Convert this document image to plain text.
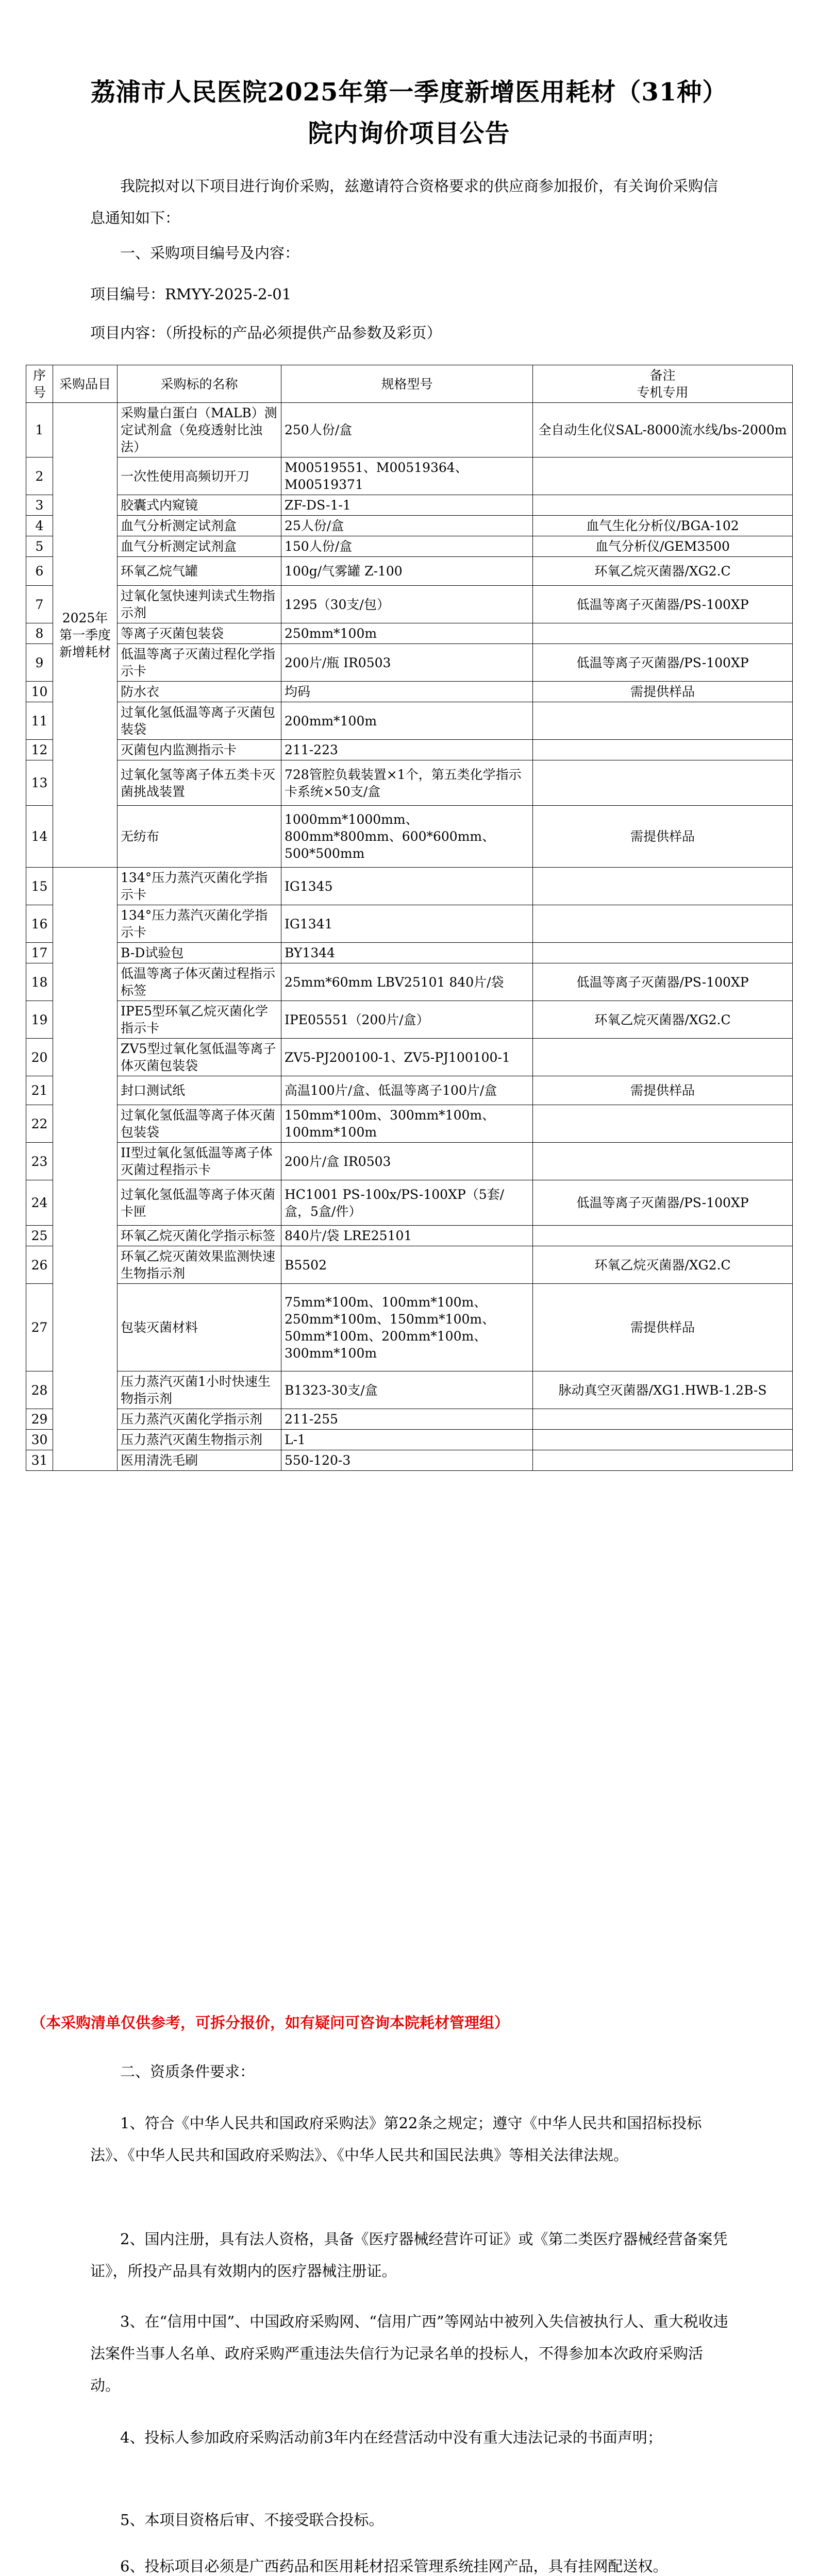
荔浦市人民医院2025年第一季度新增医用耗材（31种）
院内询价项目公告

我院拟对以下项目进行询价采购，兹邀请符合资格要求的供应商参加报价，有关询价采购信息通知如下：

一、采购项目编号及内容：

项目编号：RMYY-2025-2-01

项目内容：（所投标的产品必须提供产品参数及彩页）

序号	采购品目	采购标的名称	规格型号	备注
专机专用
1	2025年第一季度新增耗材	采购量白蛋白（MALB）测定试剂盒（免疫透射比浊法）	250人份/盒	全自动生化仪SAL-8000流水线/bs-2000m
2		一次性使用高频切开刀	M00519551、M00519364、M00519371	
3		胶囊式内窥镜	ZF-DS-1-1	
4		血气分析测定试剂盒	25人份/盒	血气生化分析仪/BGA-102
5		血气分析测定试剂盒	150人份/盒	血气分析仪/GEM3500
6		环氧乙烷气罐	100g/气雾罐 Z-100	环氧乙烷灭菌器/XG2.C
7		过氧化氢快速判读式生物指示剂	1295（30支/包）	低温等离子灭菌器/PS-100XP
8		等离子灭菌包装袋	250mm*100m	
9		低温等离子灭菌过程化学指示卡	200片/瓶 IR0503	低温等离子灭菌器/PS-100XP
10		防水衣	均码	需提供样品
11		过氧化氢低温等离子灭菌包装袋	200mm*100m	
12		灭菌包内监测指示卡	211-223	
13		过氧化氢等离子体五类卡灭菌挑战装置	728管腔负载装置×1个，第五类化学指示卡系统×50支/盒	
14		无纺布	1000mm*1000mm、800mm*800mm、600*600mm、500*500mm	需提供样品
15		134°压力蒸汽灭菌化学指示卡	IG1345	
16		134°压力蒸汽灭菌化学指示卡	IG1341	
17		B-D试验包	BY1344	
18		低温等离子体灭菌过程指示标签	25mm*60mm LBV25101 840片/袋	低温等离子灭菌器/PS-100XP
19		IPE5型环氧乙烷灭菌化学指示卡	IPE05551（200片/盒）	环氧乙烷灭菌器/XG2.C
20		ZV5型过氧化氢低温等离子体灭菌包装袋	ZV5-PJ200100-1、ZV5-PJ100100-1	
21		封口测试纸	高温100片/盒、低温等离子100片/盒	需提供样品
22		过氧化氢低温等离子体灭菌包装袋	150mm*100m、300mm*100m、100mm*100m	
23		II型过氧化氢低温等离子体灭菌过程指示卡	200片/盒 IR0503	
24		过氧化氢低温等离子体灭菌卡匣	HC1001 PS-100x/PS-100XP（5套/盒，5盒/件）	低温等离子灭菌器/PS-100XP
25		环氧乙烷灭菌化学指示标签	840片/袋 LRE25101	
26		环氧乙烷灭菌效果监测快速生物指示剂	B5502	环氧乙烷灭菌器/XG2.C
27		包装灭菌材料	75mm*100m、100mm*100m、250mm*100m、150mm*100m、50mm*100m、200mm*100m、300mm*100m	需提供样品
28		压力蒸汽灭菌1小时快速生物指示剂	B1323-30支/盒	脉动真空灭菌器/XG1.HWB-1.2B-S
29		压力蒸汽灭菌化学指示剂	211-255	
30		压力蒸汽灭菌生物指示剂	L-1	
31		医用清洗毛刷	550-120-3	

（本采购清单仅供参考，可拆分报价，如有疑问可咨询本院耗材管理组）

二、资质条件要求：

1、符合《中华人民共和国政府采购法》第22条之规定；遵守《中华人民共和国招标投标法》、《中华人民共和国政府采购法》、《中华人民共和国民法典》等相关法律法规。

2、国内注册，具有法人资格，具备《医疗器械经营许可证》或《第二类医疗器械经营备案凭证》，所投产品具有效期内的医疗器械注册证。

3、在“信用中国”、中国政府采购网、“信用广西”等网站中被列入失信被执行人、重大税收违法案件当事人名单、政府采购严重违法失信行为记录名单的投标人，不得参加本次政府采购活动。

4、投标人参加政府采购活动前3年内在经营活动中没有重大违法记录的书面声明；

5、本项目资格后审、不接受联合投标。

6、投标项目必须是广西药品和医用耗材招采管理系统挂网产品，具有挂网配送权。
